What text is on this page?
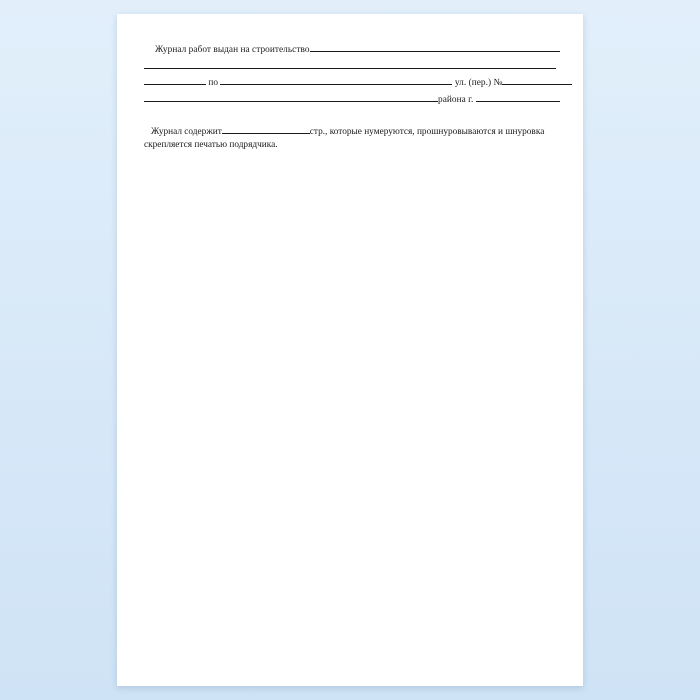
Журнал работ выдан на строительство
по	ул. (пер.) №
района г.
Журнал содержит	стр., которые нумеруются, прошнуровываются и шнуровка
скрепляется печатью подрядчика.
